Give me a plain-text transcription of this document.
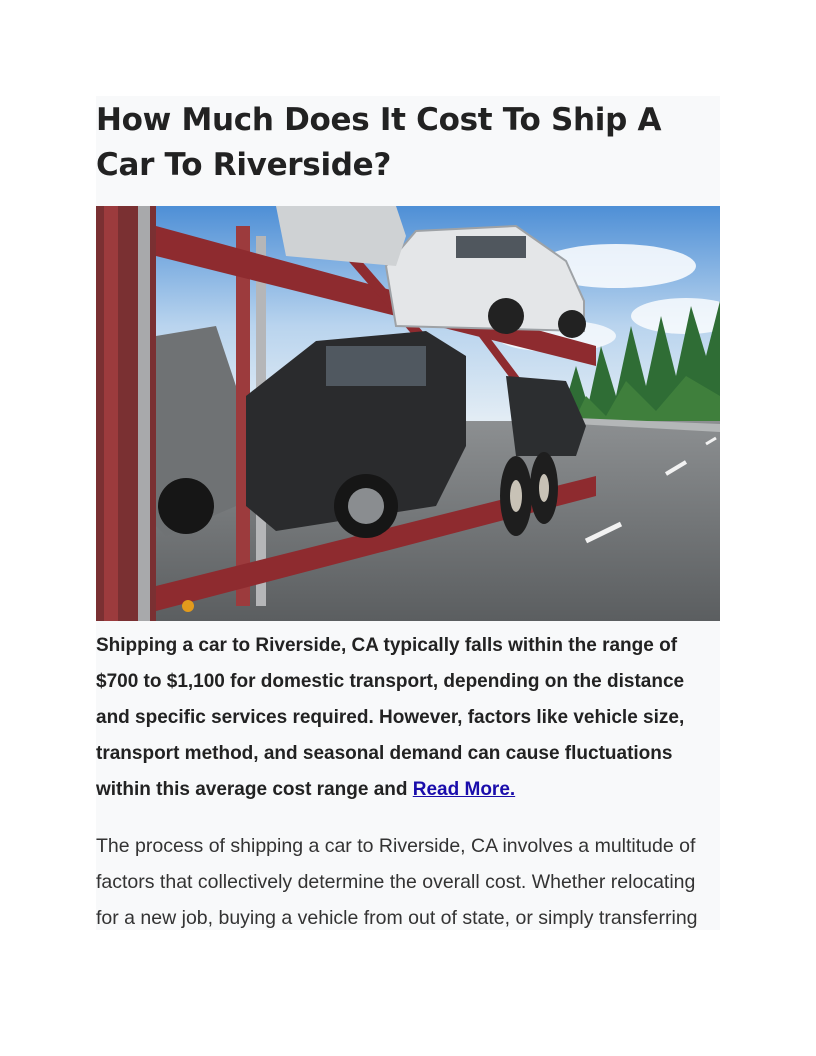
How Much Does It Cost To Ship A Car To Riverside?

Shipping a car to Riverside, CA typically falls within the range of $700 to $1,100 for domestic transport, depending on the distance and specific services required. However, factors like vehicle size, transport method, and seasonal demand can cause fluctuations within this average cost range and Read More.

The process of shipping a car to Riverside, CA involves a multitude of factors that collectively determine the overall cost. Whether relocating for a new job, buying a vehicle from out of state, or simply transferring
